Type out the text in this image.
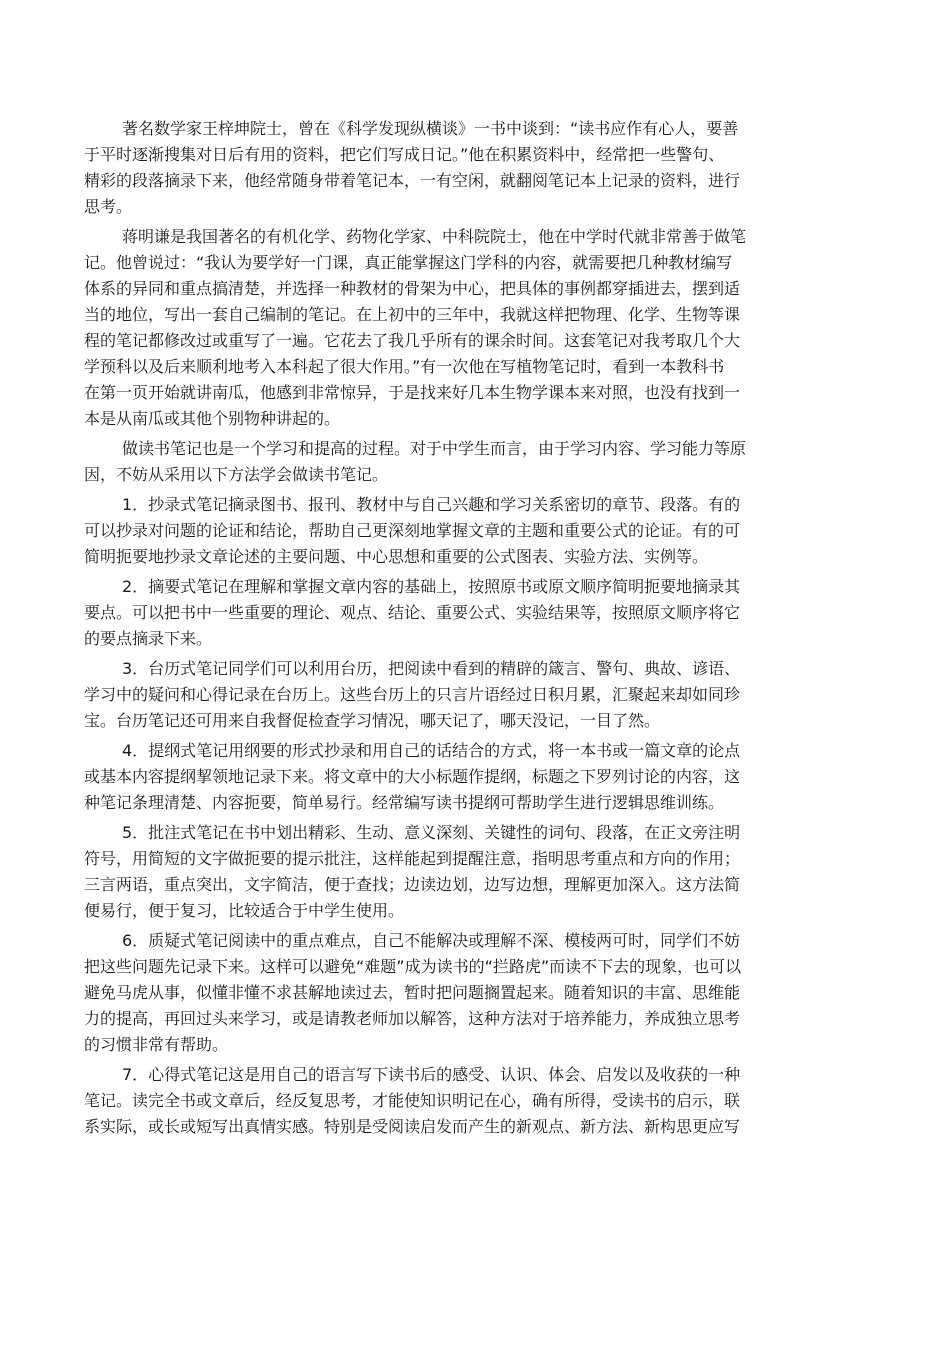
著名数学家王梓坤院士，曾在《科学发现纵横谈》一书中谈到：“读书应作有心人，要善
于平时逐渐搜集对日后有用的资料，把它们写成日记。”他在积累资料中，经常把一些警句、
精彩的段落摘录下来，他经常随身带着笔记本，一有空闲，就翻阅笔记本上记录的资料，进行
思考。
蒋明谦是我国著名的有机化学、药物化学家、中科院院士，他在中学时代就非常善于做笔
记。他曾说过：“我认为要学好一门课，真正能掌握这门学科的内容，就需要把几种教材编写
体系的异同和重点搞清楚，并选择一种教材的骨架为中心，把具体的事例都穿插进去，摆到适
当的地位，写出一套自己编制的笔记。在上初中的三年中，我就这样把物理、化学、生物等课
程的笔记都修改过或重写了一遍。它花去了我几乎所有的课余时间。这套笔记对我考取几个大
学预科以及后来顺利地考入本科起了很大作用。”有一次他在写植物笔记时，看到一本教科书
在第一页开始就讲南瓜，他感到非常惊异，于是找来好几本生物学课本来对照，也没有找到一
本是从南瓜或其他个别物种讲起的。
做读书笔记也是一个学习和提高的过程。对于中学生而言，由于学习内容、学习能力等原
因，不妨从采用以下方法学会做读书笔记。
1．抄录式笔记摘录图书、报刊、教材中与自己兴趣和学习关系密切的章节、段落。有的
可以抄录对问题的论证和结论，帮助自己更深刻地掌握文章的主题和重要公式的论证。有的可
简明扼要地抄录文章论述的主要问题、中心思想和重要的公式图表、实验方法、实例等。
2．摘要式笔记在理解和掌握文章内容的基础上，按照原书或原文顺序简明扼要地摘录其
要点。可以把书中一些重要的理论、观点、结论、重要公式、实验结果等，按照原文顺序将它
的要点摘录下来。
3．台历式笔记同学们可以利用台历，把阅读中看到的精辟的箴言、警句、典故、谚语、
学习中的疑问和心得记录在台历上。这些台历上的只言片语经过日积月累，汇聚起来却如同珍
宝。台历笔记还可用来自我督促检查学习情况，哪天记了，哪天没记，一目了然。
4．提纲式笔记用纲要的形式抄录和用自己的话结合的方式，将一本书或一篇文章的论点
或基本内容提纲挈领地记录下来。将文章中的大小标题作提纲，标题之下罗列讨论的内容，这
种笔记条理清楚、内容扼要，简单易行。经常编写读书提纲可帮助学生进行逻辑思维训练。
5．批注式笔记在书中划出精彩、生动、意义深刻、关键性的词句、段落，在正文旁注明
符号，用简短的文字做扼要的提示批注，这样能起到提醒注意，指明思考重点和方向的作用；
三言两语，重点突出，文字简洁，便于查找；边读边划，边写边想，理解更加深入。这方法简
便易行，便于复习，比较适合于中学生使用。
6．质疑式笔记阅读中的重点难点，自己不能解决或理解不深、模棱两可时，同学们不妨
把这些问题先记录下来。这样可以避免“难题”成为读书的“拦路虎”而读不下去的现象，也可以
避免马虎从事，似懂非懂不求甚解地读过去，暂时把问题搁置起来。随着知识的丰富、思维能
力的提高，再回过头来学习，或是请教老师加以解答，这种方法对于培养能力，养成独立思考
的习惯非常有帮助。
7．心得式笔记这是用自己的语言写下读书后的感受、认识、体会、启发以及收获的一种
笔记。读完全书或文章后，经反复思考，才能使知识明记在心，确有所得，受读书的启示，联
系实际，或长或短写出真情实感。特别是受阅读启发而产生的新观点、新方法、新构思更应写
